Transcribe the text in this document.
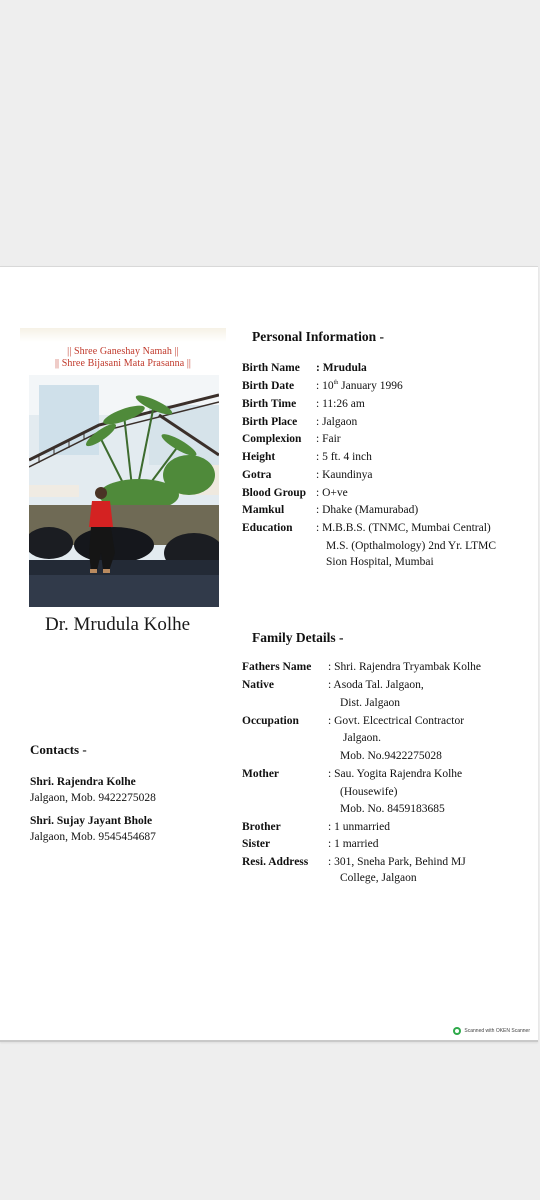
|| Shree Ganeshay Namah ||
|| Shree Bijasani Mata Prasanna ||
Dr. Mrudula Kolhe
Contacts -
Shri. Rajendra Kolhe
Jalgaon, Mob. 9422275028
Shri. Sujay Jayant Bhole
Jalgaon, Mob. 9545454687
Personal Information -
Birth Name : Mrudula
Birth Date : 10th January 1996
Birth Time : 11:26 am
Birth Place : Jalgaon
Complexion : Fair
Height	: 5 ft. 4 inch
Gotra	: Kaundinya
Blood Group : O+ve
Mamkul	: Dhake (Mamurabad)
Education : M.B.B.S. (TNMC, Mumbai Central)
M.S. (Opthalmology) 2nd Yr. LTMC
Sion Hospital, Mumbai
Family Details -
Fathers Name : Shri. Rajendra Tryambak Kolhe
Native	: Asoda Tal. Jalgaon,
Dist. Jalgaon
Occupation	: Govt. Elcectrical Contractor
Jalgaon.
Mob. No.9422275028
Mother	: Sau. Yogita Rajendra Kolhe
(Housewife)
Mob. No. 8459183685
Brother	: 1 unmarried
Sister	: 1 married
Resi. Address : 301, Sneha Park, Behind MJ
College, Jalgaon
Scanned with OKEN Scanner
